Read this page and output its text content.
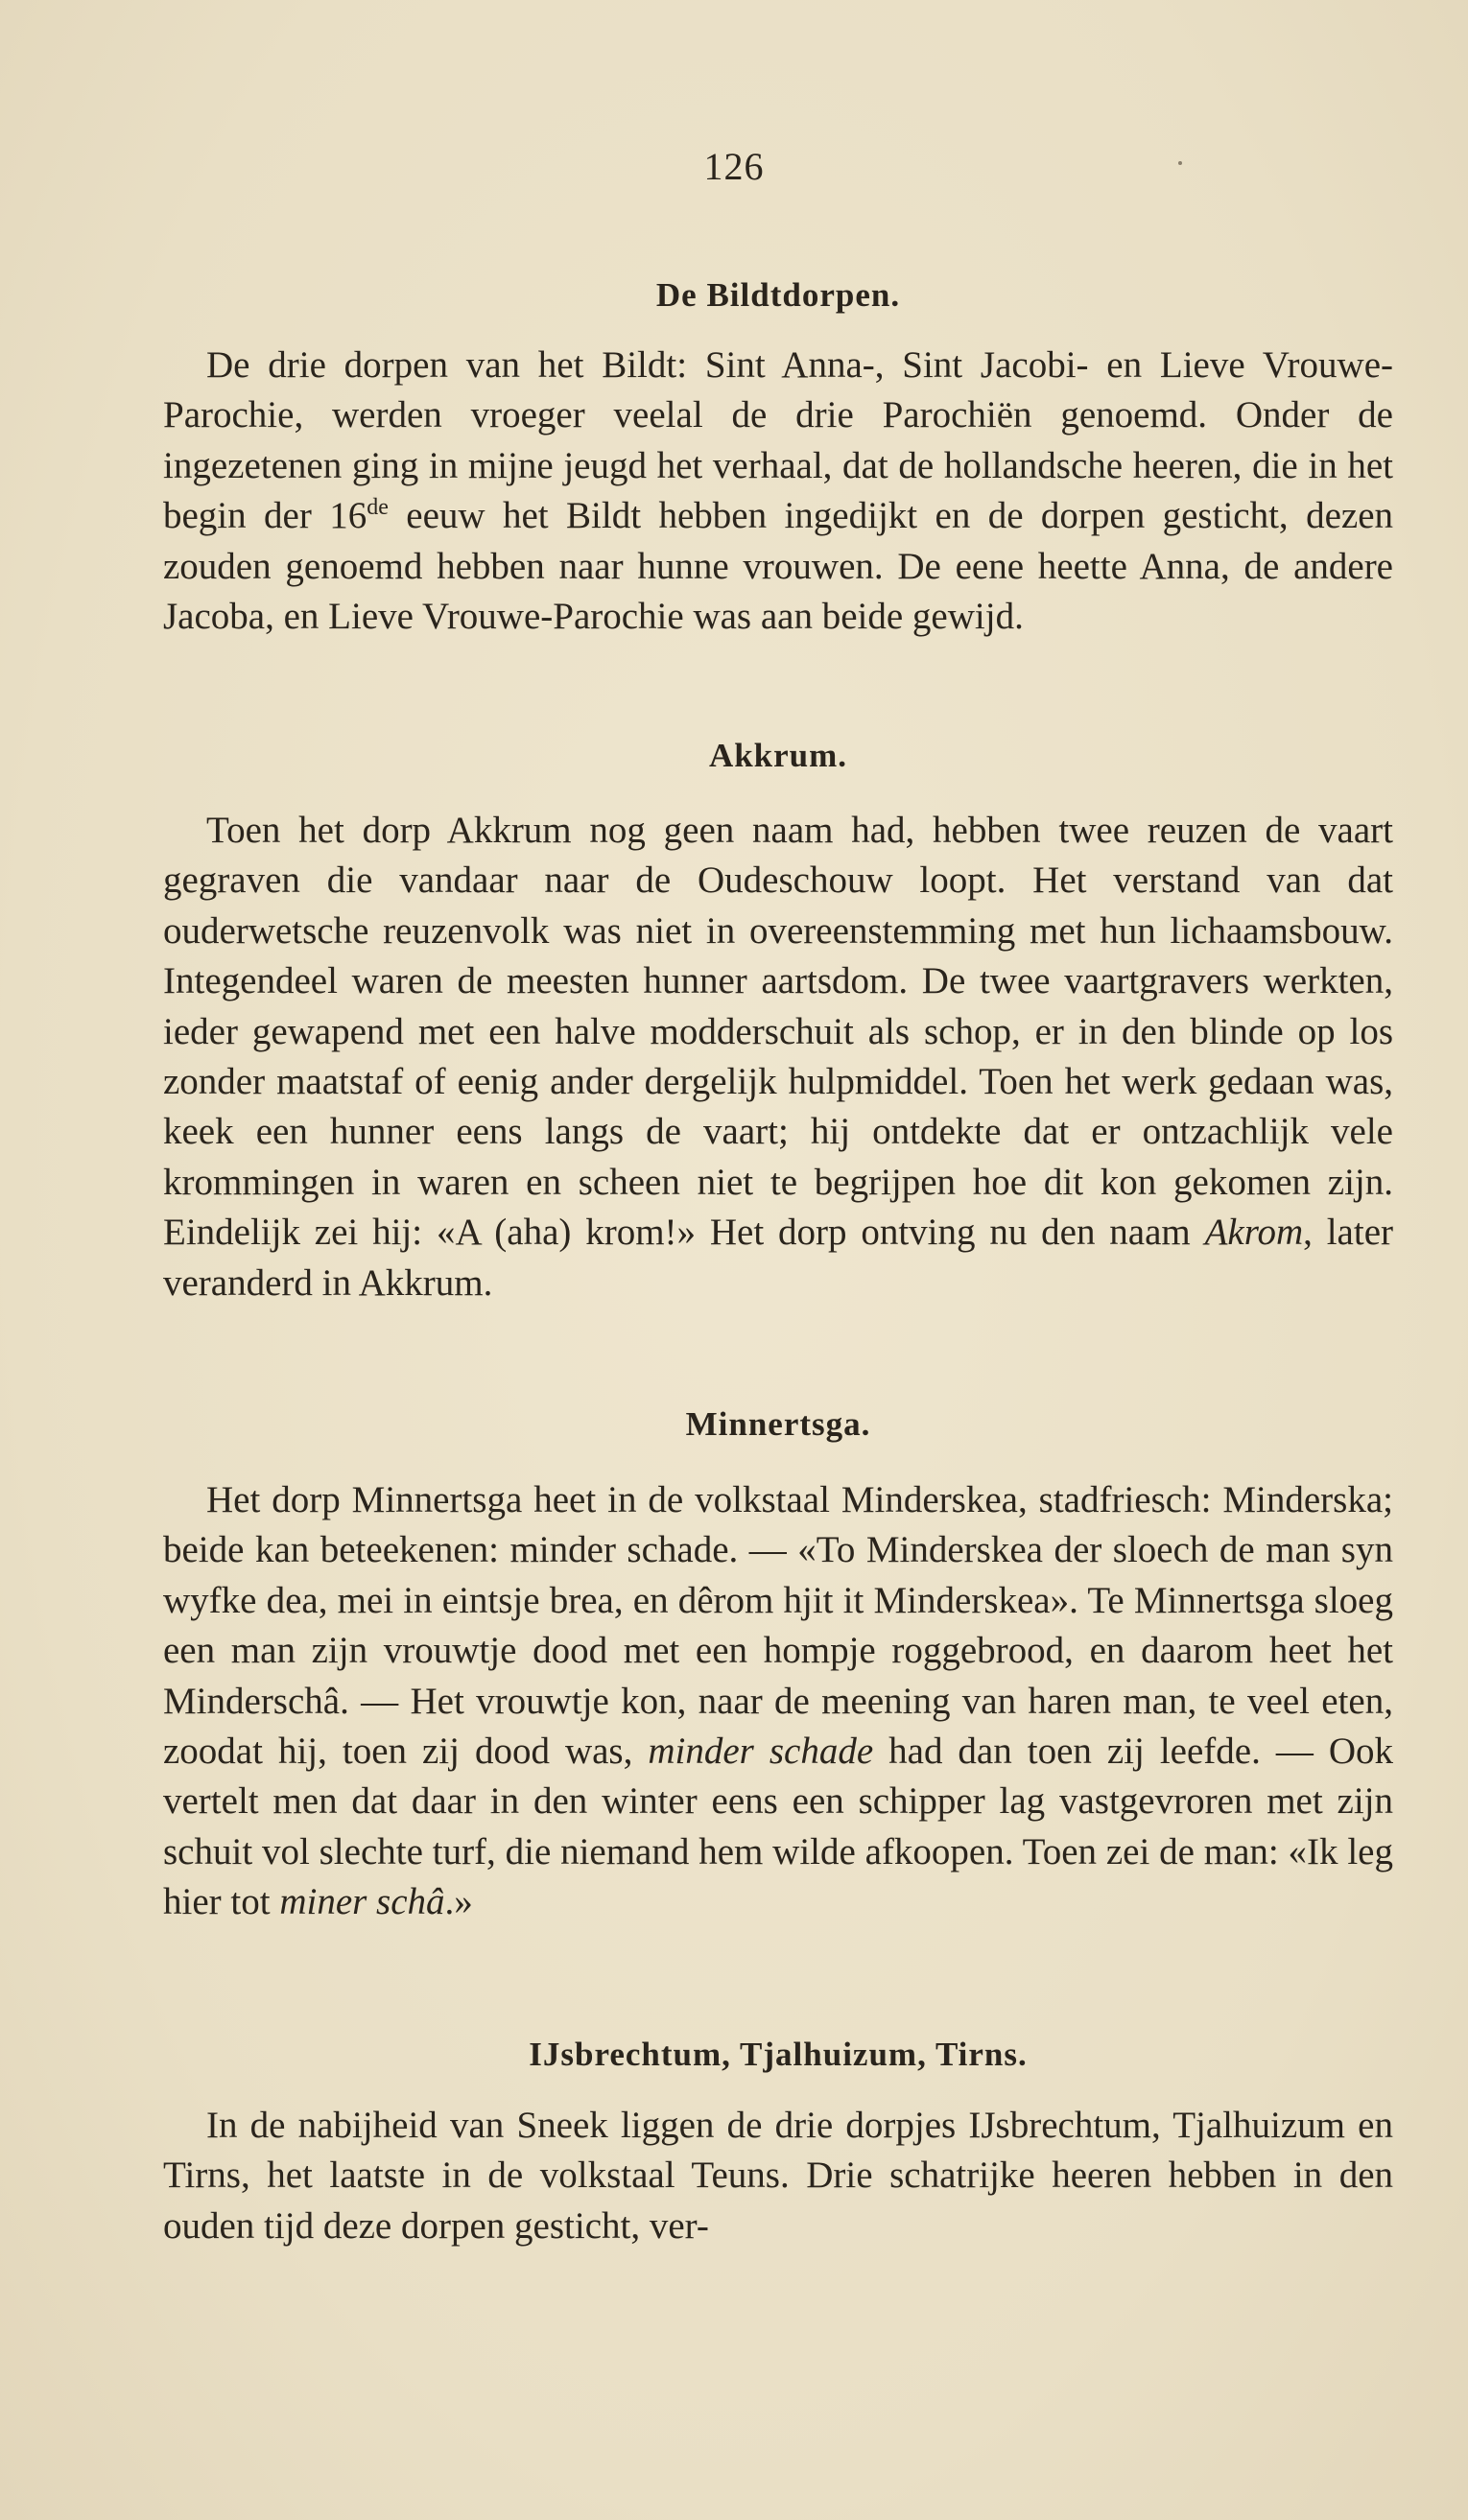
126
De Bildtdorpen.

De drie dorpen van het Bildt: Sint Anna-, Sint Jacobi- en Lieve Vrouwe-Parochie, werden vroeger veelal de drie Parochiën genoemd. Onder de ingezetenen ging in mijne jeugd het verhaal, dat de hollandsche heeren, die in het begin der 16de eeuw het Bildt hebben ingedijkt en de dorpen gesticht, dezen zouden genoemd hebben naar hunne vrouwen. De eene heette Anna, de andere Jacoba, en Lieve Vrouwe-Parochie was aan beide gewijd.

Akkrum.

Toen het dorp Akkrum nog geen naam had, hebben twee reuzen de vaart gegraven die vandaar naar de Oudeschouw loopt. Het verstand van dat ouderwetsche reuzenvolk was niet in overeenstemming met hun lichaamsbouw. Integendeel waren de meesten hunner aartsdom. De twee vaartgravers werkten, ieder gewapend met een halve modderschuit als schop, er in den blinde op los zonder maatstaf of eenig ander dergelijk hulpmiddel. Toen het werk gedaan was, keek een hunner eens langs de vaart; hij ontdekte dat er ontzachlijk vele krommingen in waren en scheen niet te begrijpen hoe dit kon gekomen zijn. Eindelijk zei hij: «A (aha) krom!» Het dorp ontving nu den naam Akrom, later veranderd in Akkrum.

Minnertsga.

Het dorp Minnertsga heet in de volkstaal Minderskea, stadfriesch: Minderska; beide kan beteekenen: minder schade. — «To Minderskea der sloech de man syn wyfke dea, mei in eintsje brea, en dêrom hjit it Minderskea». Te Minnertsga sloeg een man zijn vrouwtje dood met een hompje roggebrood, en daarom heet het Minderschâ. — Het vrouwtje kon, naar de meening van haren man, te veel eten, zoodat hij, toen zij dood was, minder schade had dan toen zij leefde. — Ook vertelt men dat daar in den winter eens een schipper lag vastgevroren met zijn schuit vol slechte turf, die niemand hem wilde afkoopen. Toen zei de man: «Ik leg hier tot miner schâ.»

IJsbrechtum, Tjalhuizum, Tirns.

In de nabijheid van Sneek liggen de drie dorpjes IJsbrechtum, Tjalhuizum en Tirns, het laatste in de volkstaal Teuns. Drie schatrijke heeren hebben in den ouden tijd deze dorpen gesticht, ver-
